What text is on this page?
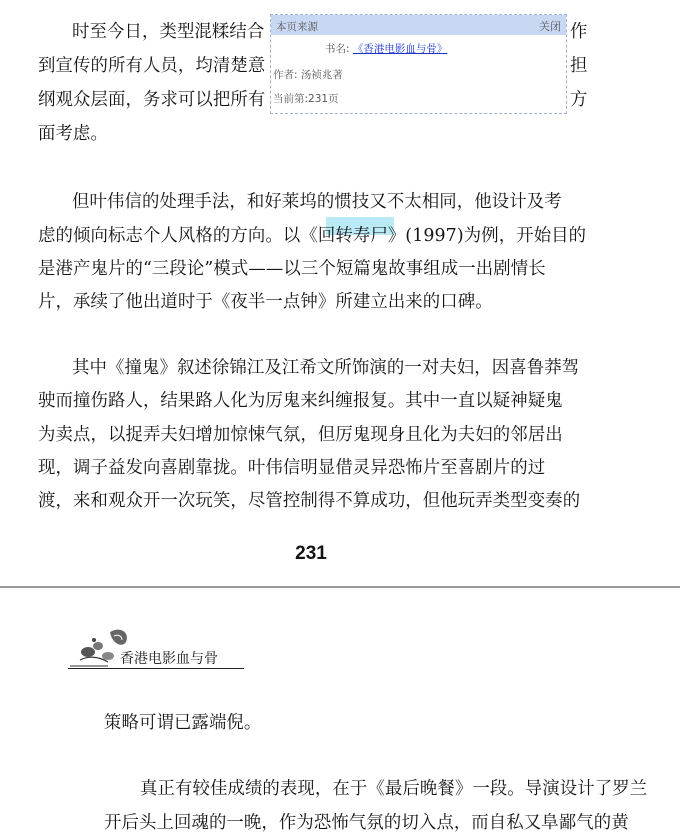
时至今日，类型混糅结合
到宣传的所有人员，均清楚意
纲观众层面，务求可以把所有
面考虑。
作
担
方
但叶伟信的处理手法，和好莱坞的惯技又不太相同，他设计及考
虑的倾向标志个人风格的方向。以《回转寿尸》(1997)为例，开始目的
是港产鬼片的“三段论”模式——以三个短篇鬼故事组成一出剧情长
片，承续了他出道时于《夜半一点钟》所建立出来的口碑。
其中《撞鬼》叙述徐锦江及江希文所饰演的一对夫妇，因喜鲁莽驾
驶而撞伤路人，结果路人化为厉鬼来纠缠报复。其中一直以疑神疑鬼
为卖点，以捉弄夫妇增加惊悚气氛，但厉鬼现身且化为夫妇的邻居出
现，调子益发向喜剧靠拢。叶伟信明显借灵异恐怖片至喜剧片的过
渡，来和观众开一次玩笑，尽管控制得不算成功，但他玩弄类型变奏的
231
本页来源	关闭
书名: 《香港电影血与骨》
作者: 汤祯兆著
当前第:231页
香港电影血与骨
策略可谓已露端倪。
真正有较佳成绩的表现，在于《最后晚餐》一段。导演设计了罗兰
开后头上回魂的一晚，作为恐怖气氛的切入点，而自私又阜鄙气的黄
